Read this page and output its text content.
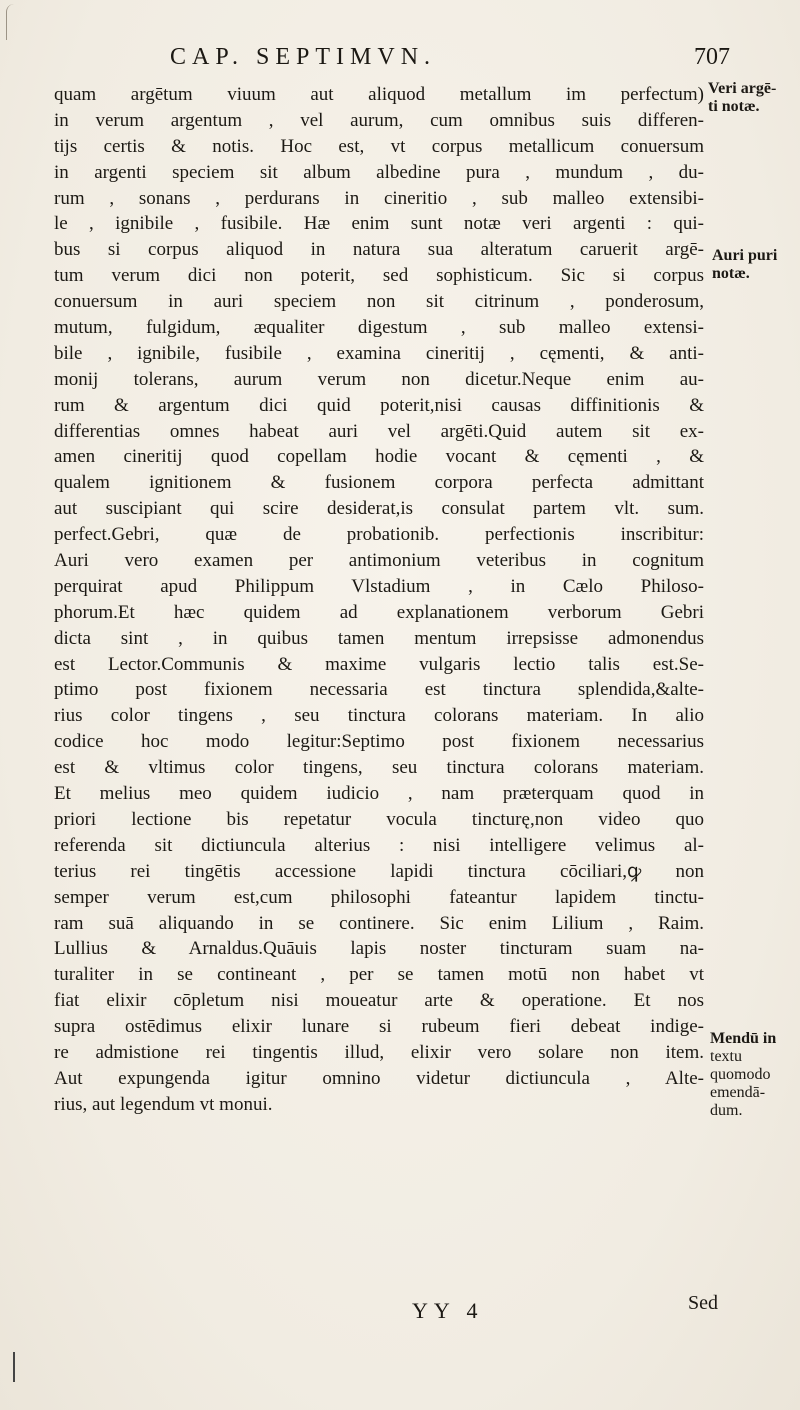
CAP. SEPTIMVN.	707
quam argētum viuum aut aliquod metallum im perfectum)
in verum argentum , vel aurum, cum omnibus suis differen-
tijs certis & notis. Hoc est, vt corpus metallicum conuersum
in argenti speciem sit album albedine pura , mundum , du-
rum , sonans , perdurans in cineritio , sub malleo extensibi-
le , ignibile , fusibile. Hæ enim sunt notæ veri argenti : qui-
bus si corpus aliquod in natura sua alteratum caruerit argē-
tum verum dici non poterit, sed sophisticum. Sic si corpus
conuersum in auri speciem non sit citrinum , ponderosum,
mutum, fulgidum, æqualiter digestum , sub malleo extensi-
bile , ignibile, fusibile , examina cineritij , cęmenti, & anti-
monij tolerans, aurum verum non dicetur.Neque enim au-
rum & argentum dici quid poterit,nisi causas diffinitionis &
differentias omnes habeat auri vel argēti.Quid autem sit ex-
amen cineritij quod copellam hodie vocant & cęmenti , &
qualem ignitionem & fusionem corpora perfecta admittant
aut suscipiant qui scire desiderat,is consulat partem vlt. sum.
perfect.Gebri, quæ de probationib. perfectionis inscribitur:
Auri vero examen per antimonium veteribus in cognitum
perquirat apud Philippum Vlstadium , in Cælo Philoso-
phorum.Et hæc quidem ad explanationem verborum Gebri
dicta sint , in quibus tamen mentum irrepsisse admonendus
est Lector.Communis & maxime vulgaris lectio talis est.Se-
ptimo post fixionem necessaria est tinctura splendida,&alte-
rius color tingens , seu tinctura colorans materiam. In alio
codice hoc modo legitur:Septimo post fixionem necessarius
est & vltimus color tingens, seu tinctura colorans materiam.
Et melius meo quidem iudicio , nam præterquam quod in
priori lectione bis repetatur vocula tincturę,non video quo
referenda sit dictiuncula alterius : nisi intelligere velimus al-
terius rei tingētis accessione lapidi tinctura cōciliari,ꝙ non
semper verum est,cum philosophi fateantur lapidem tinctu-
ram suā aliquando in se continere. Sic enim Lilium , Raim.
Lullius & Arnaldus.Quāuis lapis noster tincturam suam na-
turaliter in se contineant , per se tamen motū non habet vt
fiat elixir cōpletum nisi moueatur arte & operatione. Et nos
supra ostēdimus elixir lunare si rubeum fieri debeat indige-
re admistione rei tingentis illud, elixir vero solare non item.
Aut expungenda igitur omnino videtur dictiuncula , Alte-
rius, aut legendum vt monui.
Veri argē-
ti notæ.
Auri puri
notæ.
Mendū in
textu
quomodo
emendā-
dum.
YY 4	Sed
